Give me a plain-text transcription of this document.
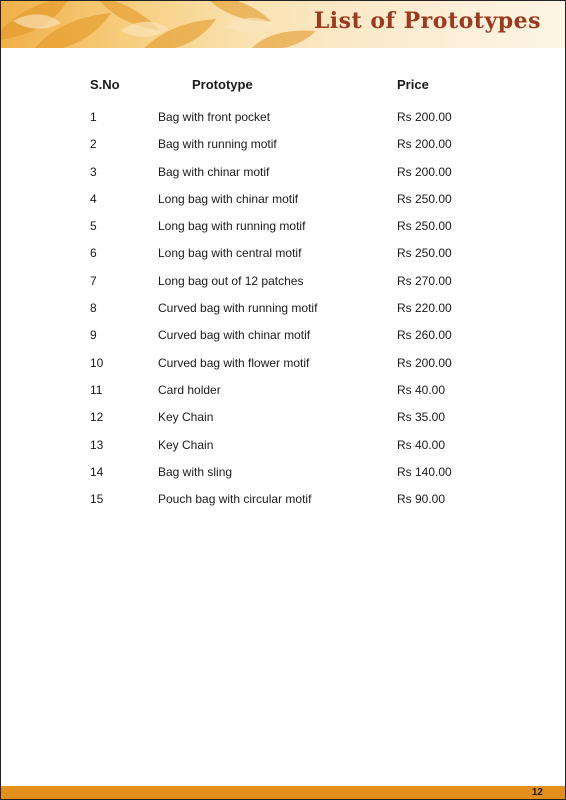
List of Prototypes
S.No	Prototype	Price
1	Bag with front pocket	Rs 200.00
2	Bag with running motif	Rs 200.00
3	Bag with chinar motif	Rs 200.00
4	Long bag with chinar motif	Rs 250.00
5	Long bag with running motif	Rs 250.00
6	Long bag with central motif	Rs 250.00
7	Long bag out of 12 patches	Rs 270.00
8	Curved bag with running motif	Rs 220.00
9	Curved bag with chinar motif	Rs 260.00
10	Curved bag with flower motif	Rs 200.00
11	Card holder	Rs 40.00
12	Key Chain	Rs 35.00
13	Key Chain	Rs 40.00
14	Bag with sling	Rs 140.00
15	Pouch bag with circular motif	Rs 90.00
12
